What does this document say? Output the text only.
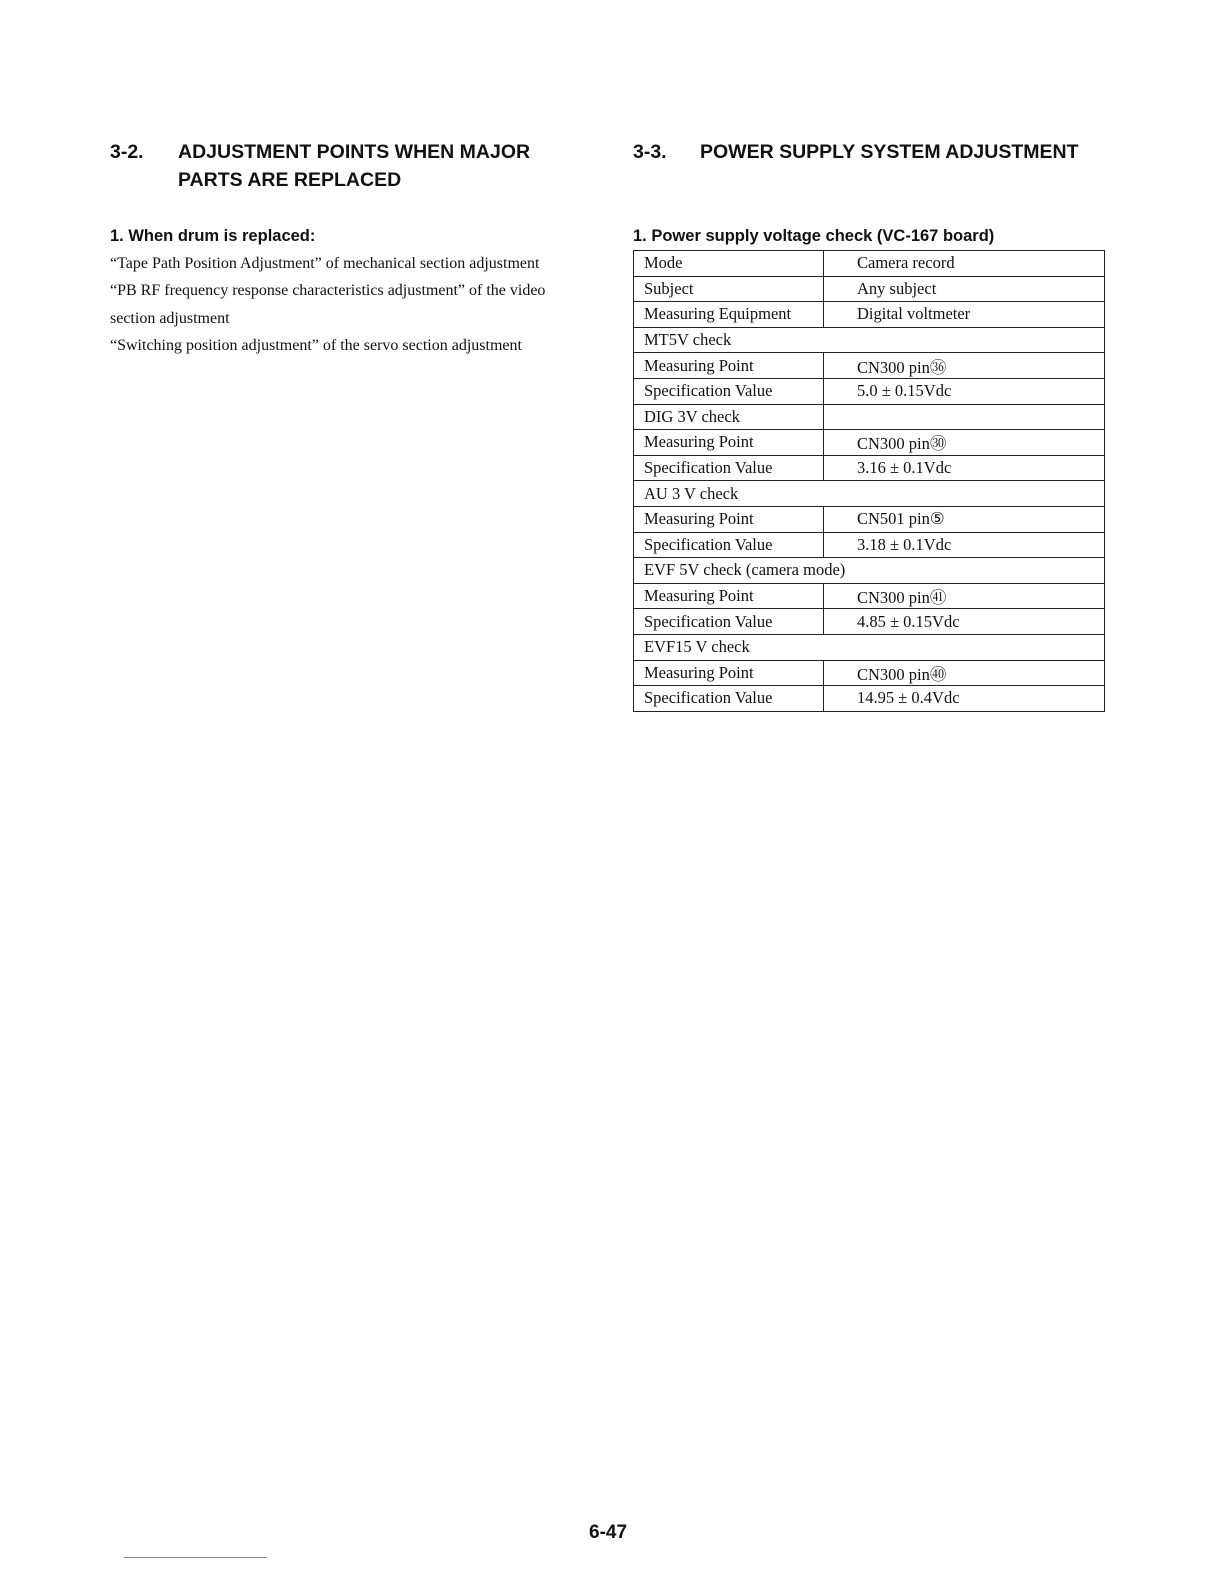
3-2. ADJUSTMENT POINTS WHEN MAJOR
PARTS ARE REPLACED
1. When drum is replaced:

“Tape Path Position Adjustment” of mechanical section adjustment

“PB RF frequency response characteristics adjustment” of the video section adjustment

“Switching position adjustment” of the servo section adjustment

3-3. POWER SUPPLY SYSTEM ADJUSTMENT
1. Power supply voltage check (VC-167 board)
Mode	Camera record
Subject	Any subject
Measuring Equipment	Digital voltmeter
MT5V check	
Measuring Point	CN300 pin㊱
Specification Value	5.0 ± 0.15Vdc
DIG 3V check	
Measuring Point	CN300 pin㉚
Specification Value	3.16 ± 0.1Vdc
AU 3 V check	
Measuring Point	CN501 pin⑤
Specification Value	3.18 ± 0.1Vdc
EVF 5V check (camera mode)	
Measuring Point	CN300 pin㊶
Specification Value	4.85 ± 0.15Vdc
EVF15 V check	
Measuring Point	CN300 pin㊵
Specification Value	14.95 ± 0.4Vdc
6-47
